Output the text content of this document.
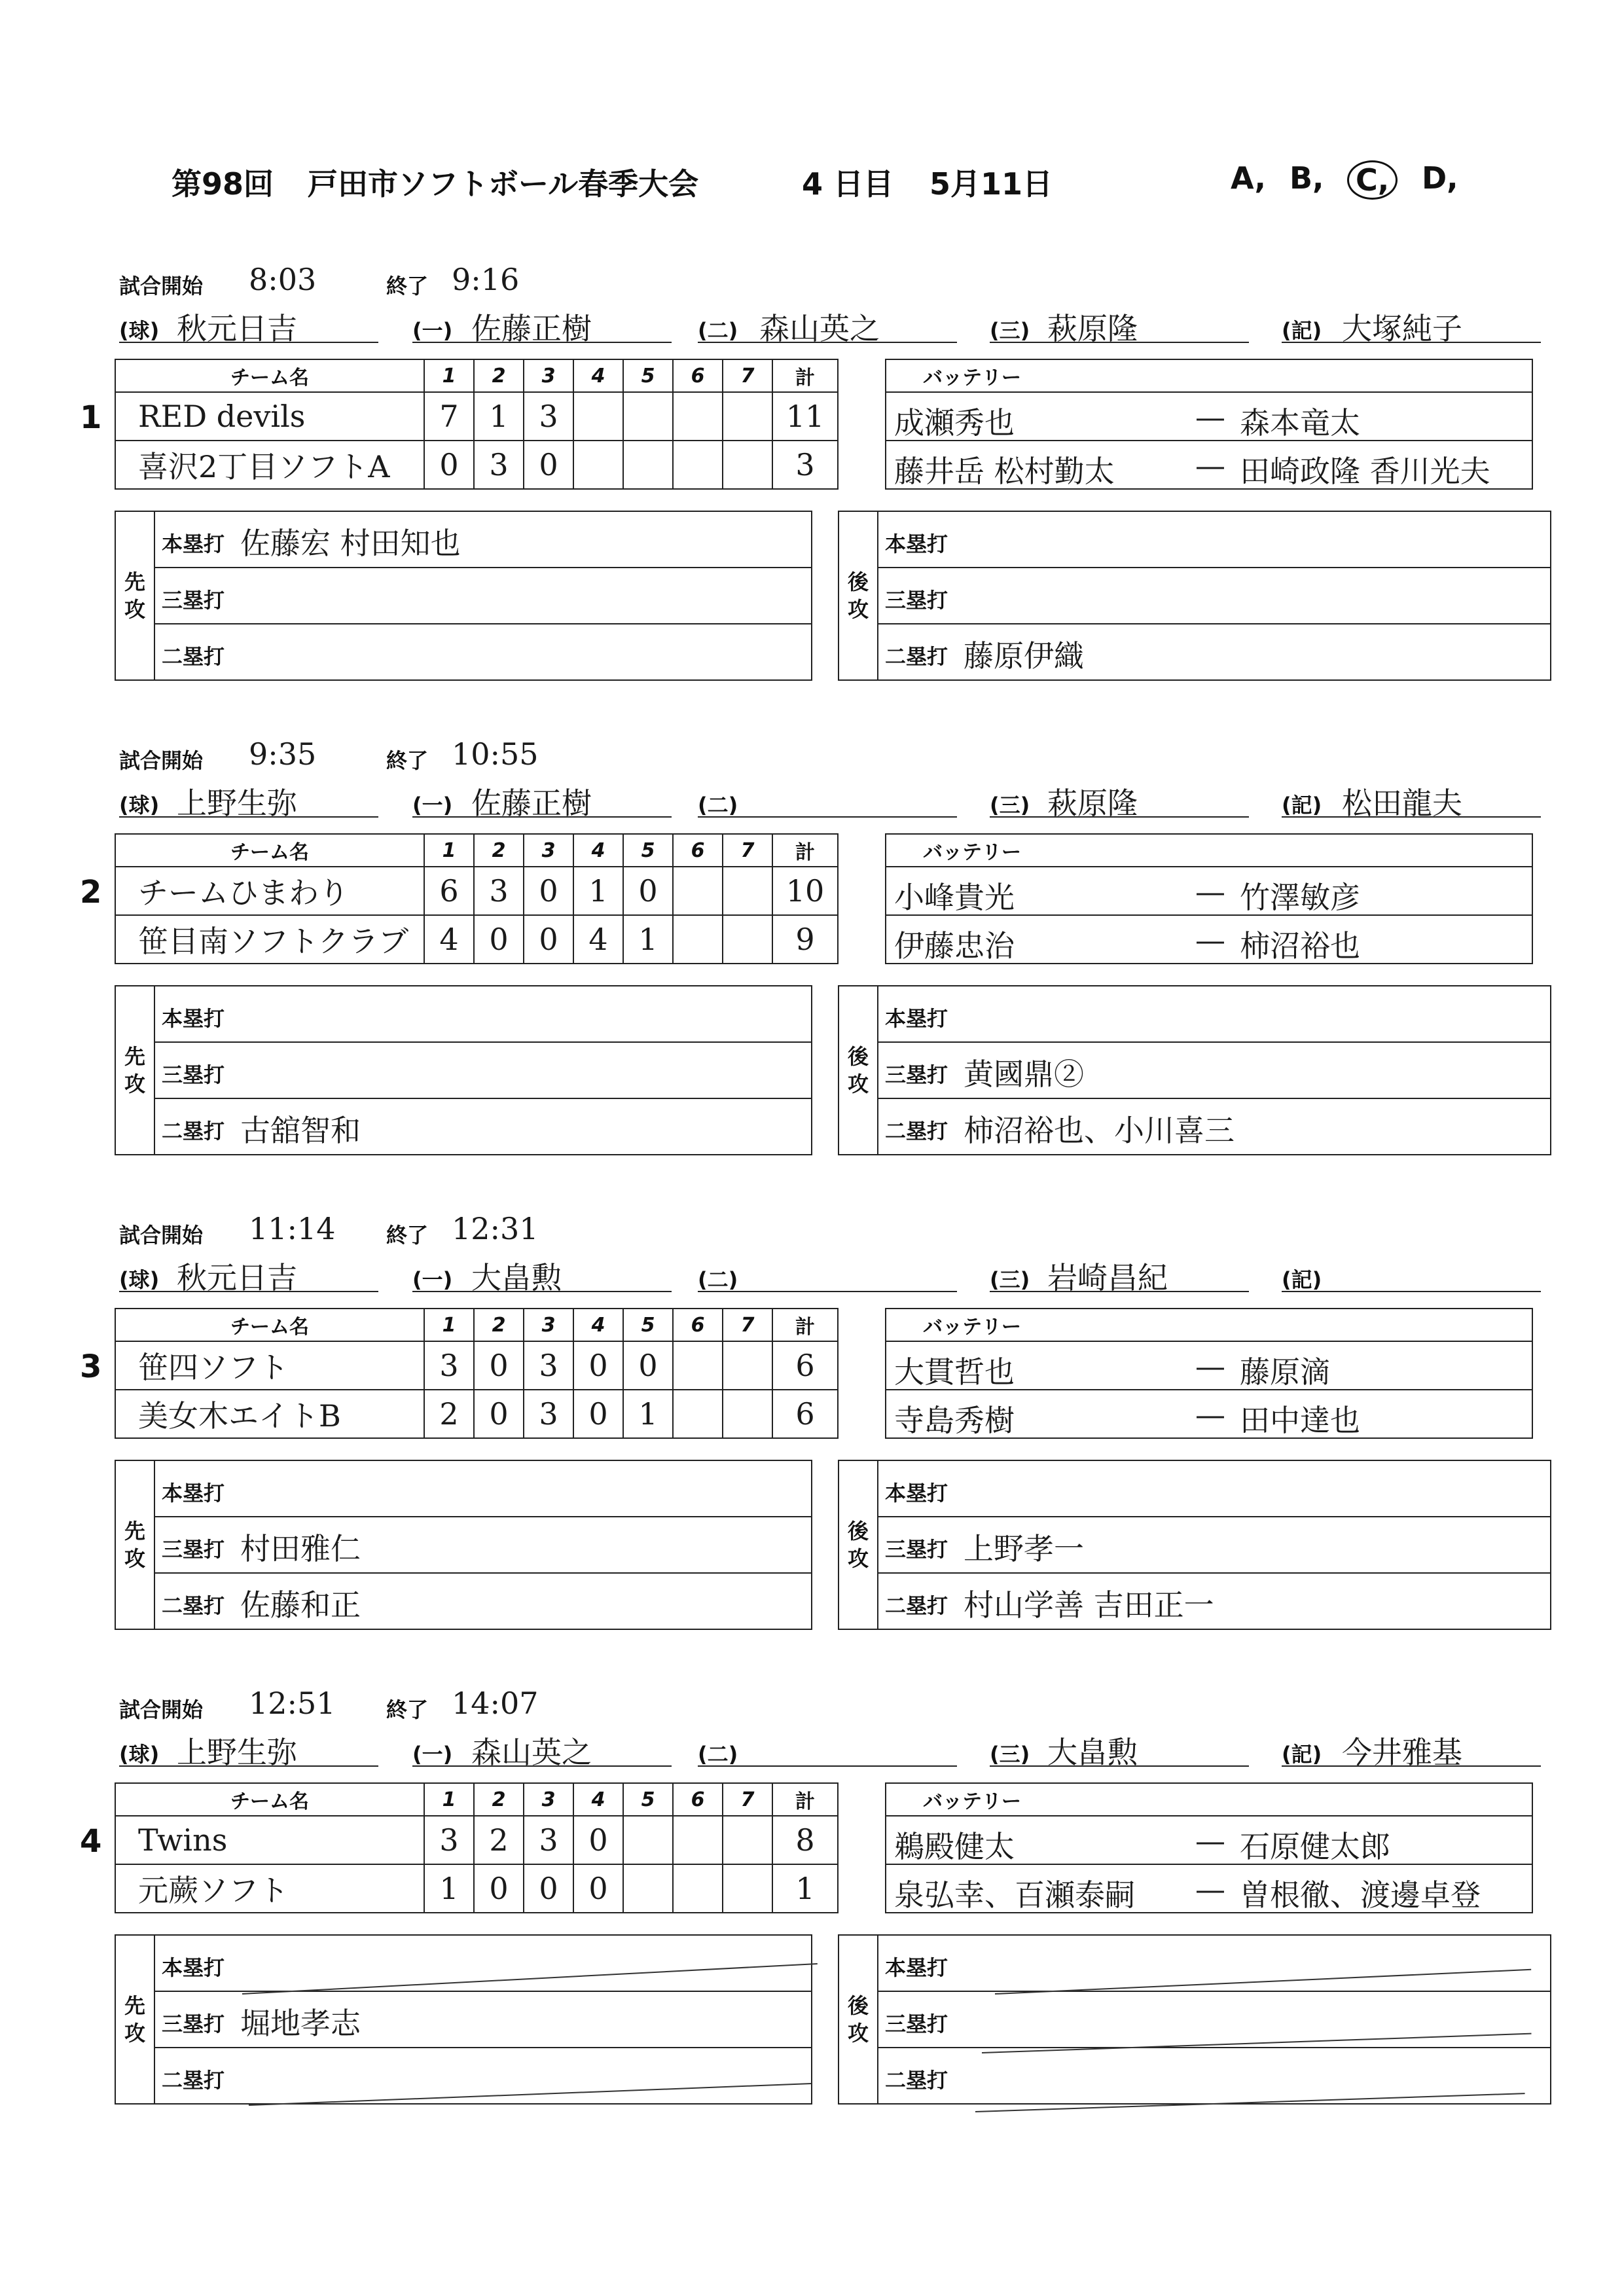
第98回 戸田市ソフトボール春季大会	4 日目 5月11日	A, B, C, D,
試合開始 8:03	終了 9:16
(球) 秋元日吉	(一) 佐藤正樹	(二) 森山英之	(三) 萩原隆	(記) 大塚純子
1
チーム名	1	2	3	4	5	6	7	計
RED devils	7	1	3					11
喜沢2丁目ソフトA	0	3	0					3
バッテリー

成瀬秀也	— 森本竜太

藤井岳 松村勤太	— 田崎政隆 香川光夫
先攻	
本塁打 佐藤宏 村田知也

三塁打

二塁打
後攻	
本塁打

三塁打

二塁打 藤原伊織
試合開始 9:35	終了 10:55
(球) 上野生弥	(一) 佐藤正樹	(二)	(三) 萩原隆	(記) 松田龍夫
2
チーム名	1	2	3	4	5	6	7	計
チームひまわり	6	3	0	1	0			10
笹目南ソフトクラブ	4	0	0	4	1			9
バッテリー

小峰貴光	— 竹澤敏彦

伊藤忠治	— 柿沼裕也
先攻	
本塁打

三塁打

二塁打 古舘智和
後攻	
本塁打

三塁打 黄國鼎②

二塁打 柿沼裕也、小川喜三
試合開始 11:14 終了 12:31
(球) 秋元日吉	(一) 大畠勲	(二)	(三) 岩崎昌紀	(記)
3
チーム名	1	2	3	4	5	6	7	計
笹四ソフト	3	0	3	0	0			6
美女木エイトB	2	0	3	0	1			6
バッテリー

大貫哲也	— 藤原滴

寺島秀樹	— 田中達也
先攻	
本塁打

三塁打 村田雅仁

二塁打 佐藤和正
後攻	
本塁打

三塁打 上野孝一

二塁打 村山学善 吉田正一
試合開始 12:51 終了 14:07
(球) 上野生弥	(一) 森山英之	(二)	(三) 大畠勲	(記) 今井雅基
4
チーム名	1	2	3	4	5	6	7	計
Twins	3	2	3	0				8
元蕨ソフト	1	0	0	0				1
バッテリー

鵜殿健太	— 石原健太郎

泉弘幸、百瀬泰嗣 — 曽根徹、渡邊卓登
先攻	
本塁打

三塁打 堀地孝志

二塁打
後攻	
本塁打

三塁打

二塁打
